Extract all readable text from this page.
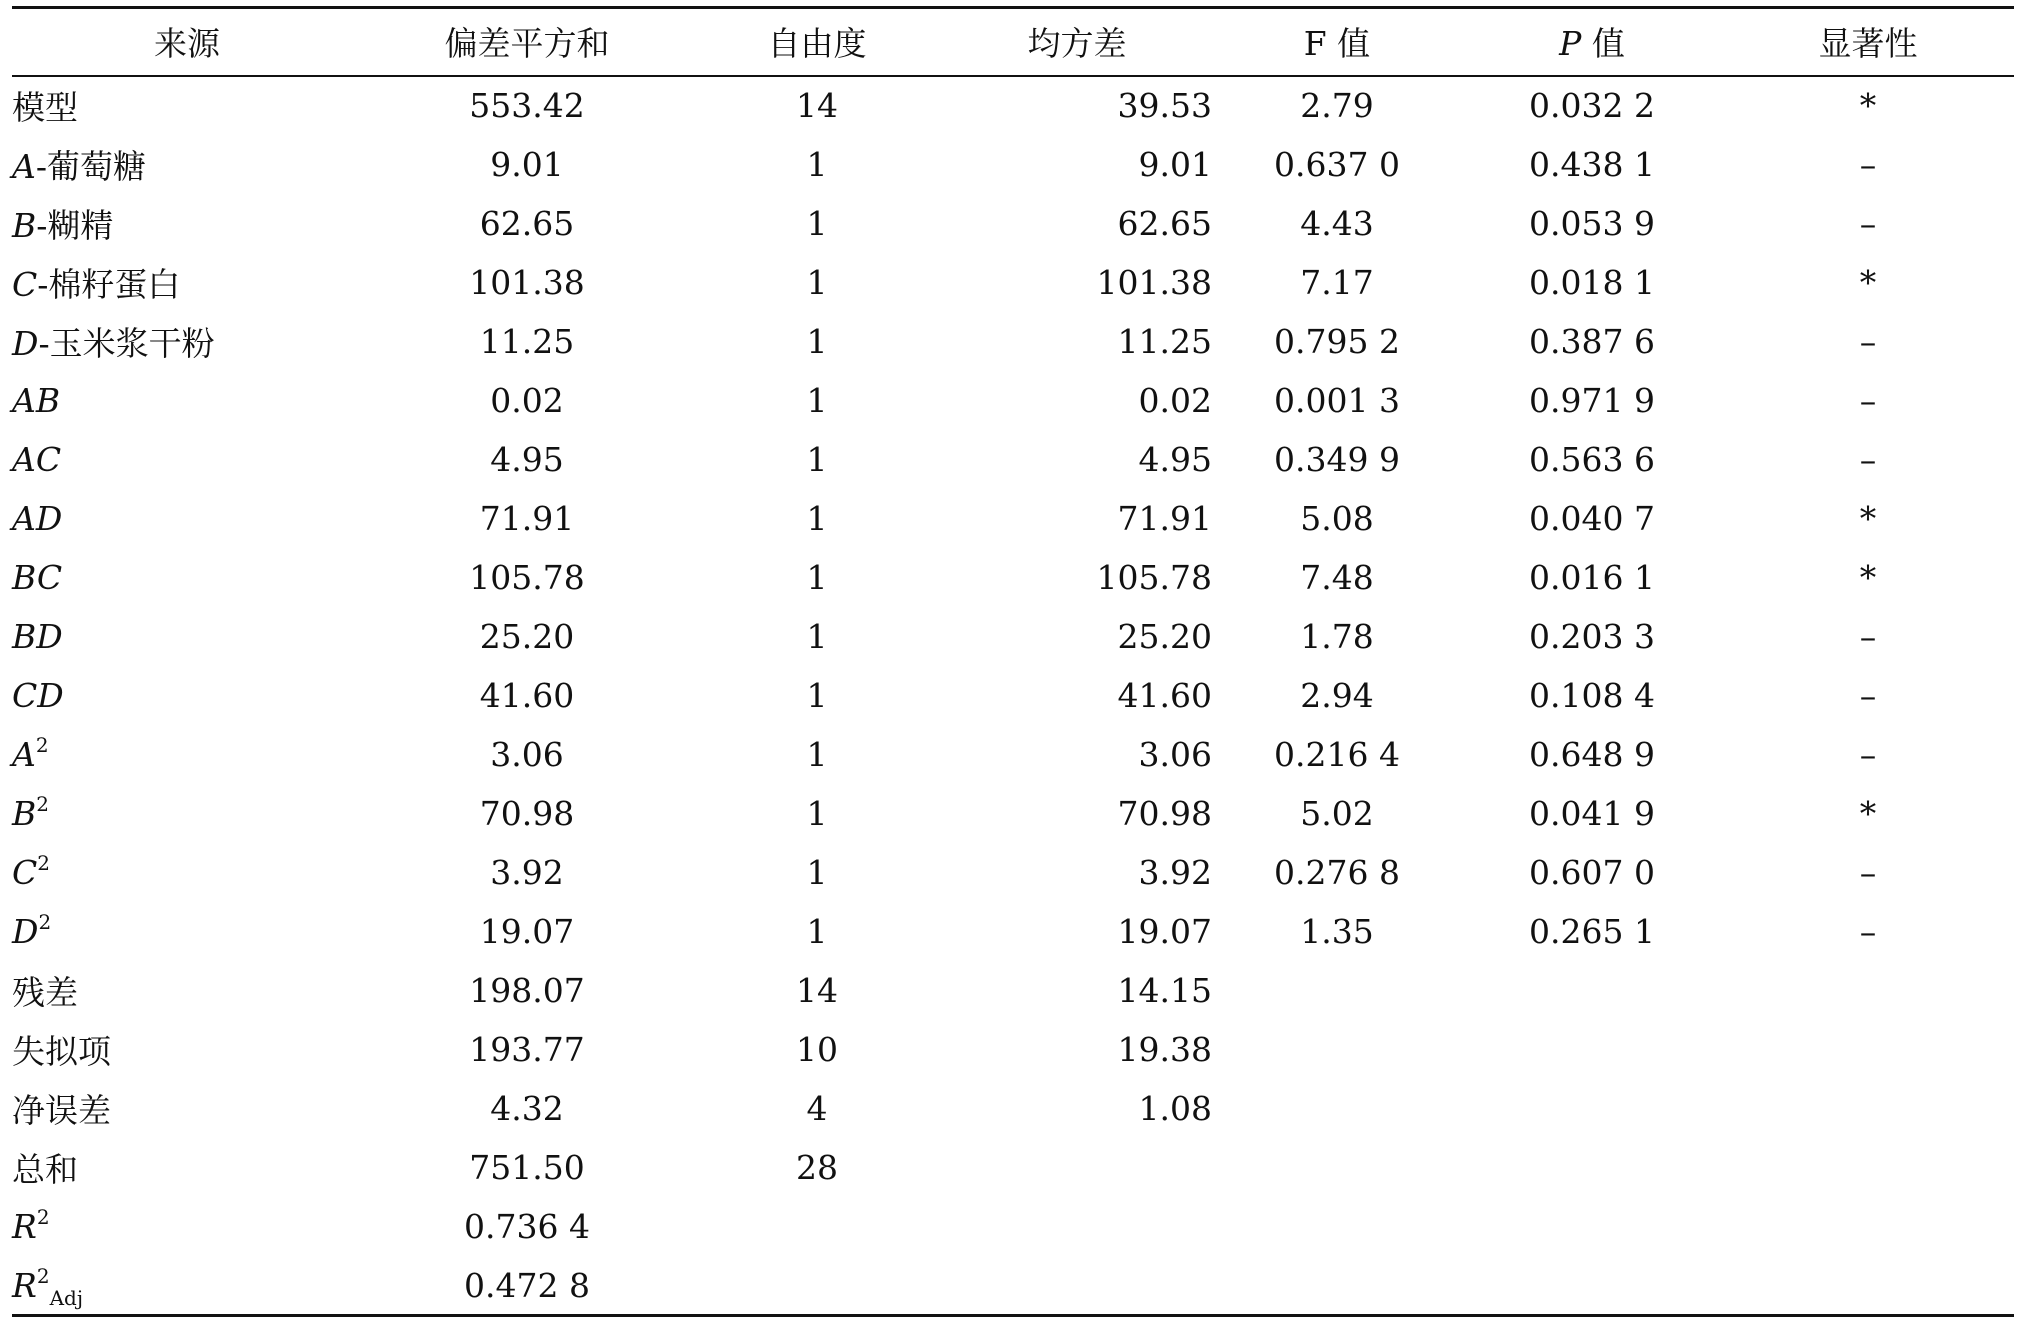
来源	偏差平方和	自由度	均方差	F 值	P 值	显著性
模型	553.42	14	39.53	2.79	0.032 2	*
A-葡萄糖	9.01	1	9.01	0.637 0	0.438 1	–
B-糊精	62.65	1	62.65	4.43	0.053 9	–
C-棉籽蛋白	101.38	1	101.38	7.17	0.018 1	*
D-玉米浆干粉	11.25	1	11.25	0.795 2	0.387 6	–
AB	0.02	1	0.02	0.001 3	0.971 9	–
AC	4.95	1	4.95	0.349 9	0.563 6	–
AD	71.91	1	71.91	5.08	0.040 7	*
BC	105.78	1	105.78	7.48	0.016 1	*
BD	25.20	1	25.20	1.78	0.203 3	–
CD	41.60	1	41.60	2.94	0.108 4	–
$A^2$	3.06	1	3.06	0.216 4	0.648 9	–
$B^2$	70.98	1	70.98	5.02	0.041 9	*
$C^2$	3.92	1	3.92	0.276 8	0.607 0	–
$D^2$	19.07	1	19.07	1.35	0.265 1	–
残差	198.07	14	14.15			
失拟项	193.77	10	19.38			
净误差	4.32	4	1.08			
总和	751.50	28				
$R^2$	0.736 4					
$R^2_{Adj}$	0.472 8					
